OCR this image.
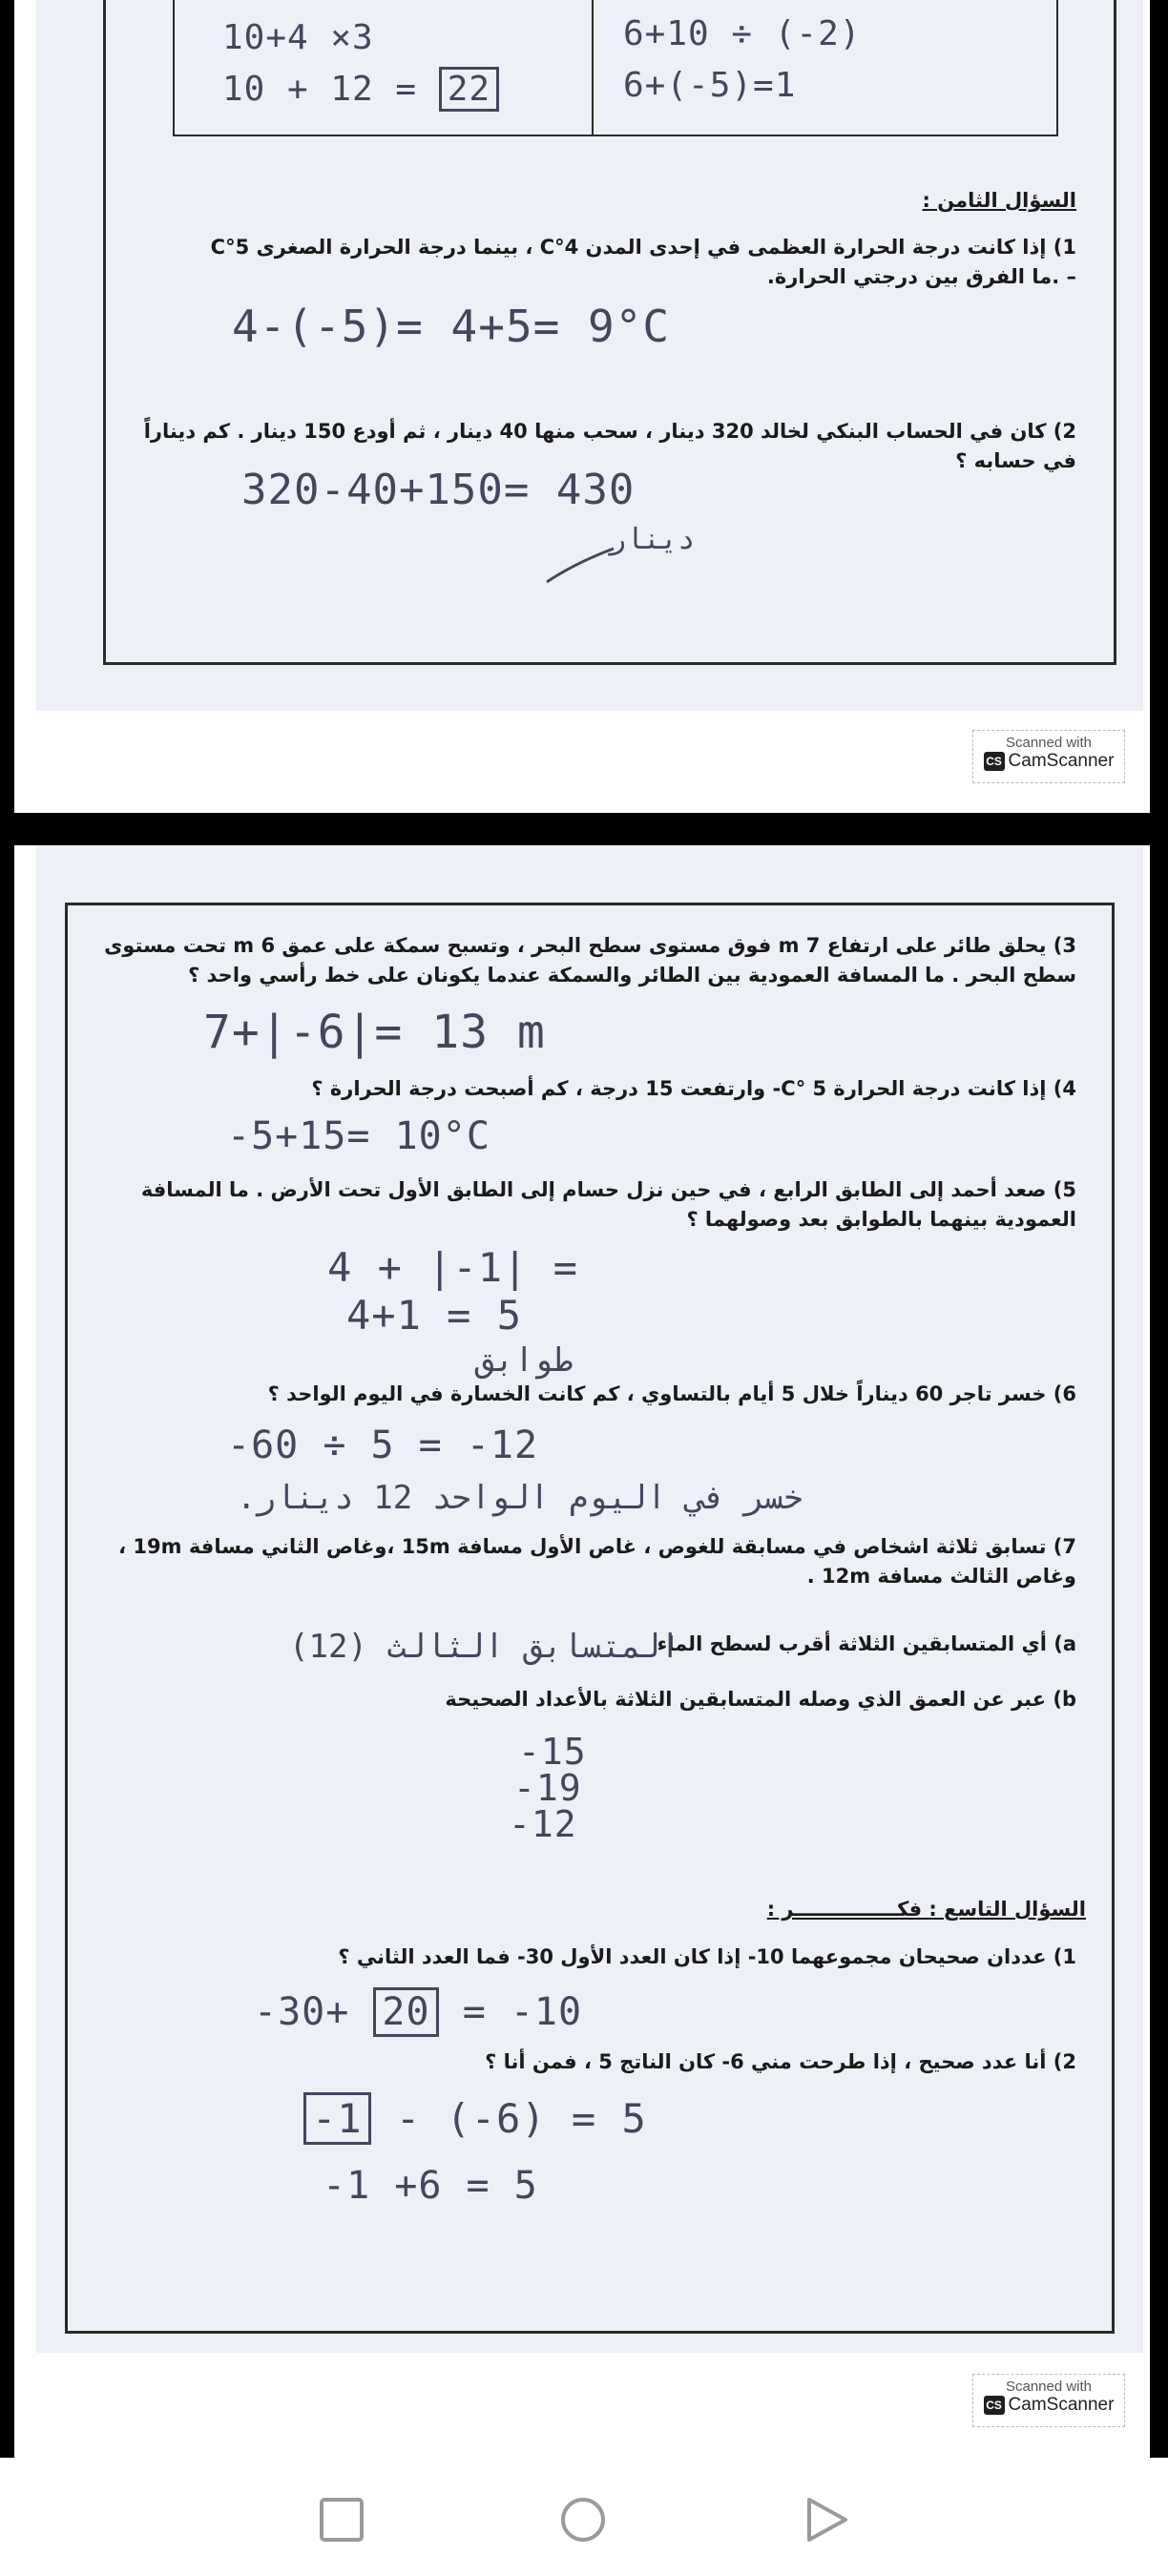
10+4 ×3
10 + 12 = 22
6+10 ÷ (-2)
6+(-5)=1
السؤال الثامن :
1) إذا كانت درجة الحرارة العظمى في إحدى المدن 4°C ، بينما درجة الحرارة الصغرى 5°C – .ما الفرق بين درجتي الحرارة.
4-(-5)= 4+5= 9°C
2) كان في الحساب البنكي لخالد 320 دينار ، سحب منها 40 دينار ، ثم أودع 150 دينار . كم ديناراً في حسابه ؟
320-40+150= 430
دينار
Scanned with
CS CamScanner
3) يحلق طائر على ارتفاع 7 m فوق مستوى سطح البحر ، وتسبح سمكة على عمق 6 m تحت مستوى سطح البحر . ما المسافة العمودية بين الطائر والسمكة عندما يكونان على خط رأسي واحد ؟
7+|-6|= 13 m
4) إذا كانت درجة الحرارة 5 °C- وارتفعت 15 درجة ، كم أصبحت درجة الحرارة ؟
-5+15= 10°C
5) صعد أحمد إلى الطابق الرابع ، في حين نزل حسام إلى الطابق الأول تحت الأرض . ما المسافة العمودية بينهما بالطوابق بعد وصولهما ؟
4 + |-1| =
4+1 = 5
طوابق
6) خسر تاجر 60 ديناراً خلال 5 أيام بالتساوي ، كم كانت الخسارة في اليوم الواحد ؟
-60 ÷ 5 = -12
خسر في اليوم الواحد 12 دينار.
7) تسابق ثلاثة اشخاص في مسابقة للغوص ، غاص الأول مسافة 15m ،وغاص الثاني مسافة 19m ، وغاص الثالث مسافة 12m .
a) أي المتسابقين الثلاثة أقرب لسطح الماء
المتسابق الثالث (12)
b) عبر عن العمق الذي وصله المتسابقين الثلاثة بالأعداد الصحيحة
-15
-19
-12
السؤال التاسع : فكـــــــــــــــر :
1) عددان صحيحان مجموعهما 10- إذا كان العدد الأول 30- فما العدد الثاني ؟
-30+ 20 = -10
2) أنا عدد صحيح ، إذا طرحت مني 6- كان الناتج 5 ، فمن أنا ؟
-1 - (-6) = 5
-1 +6 = 5
Scanned with
CS CamScanner
